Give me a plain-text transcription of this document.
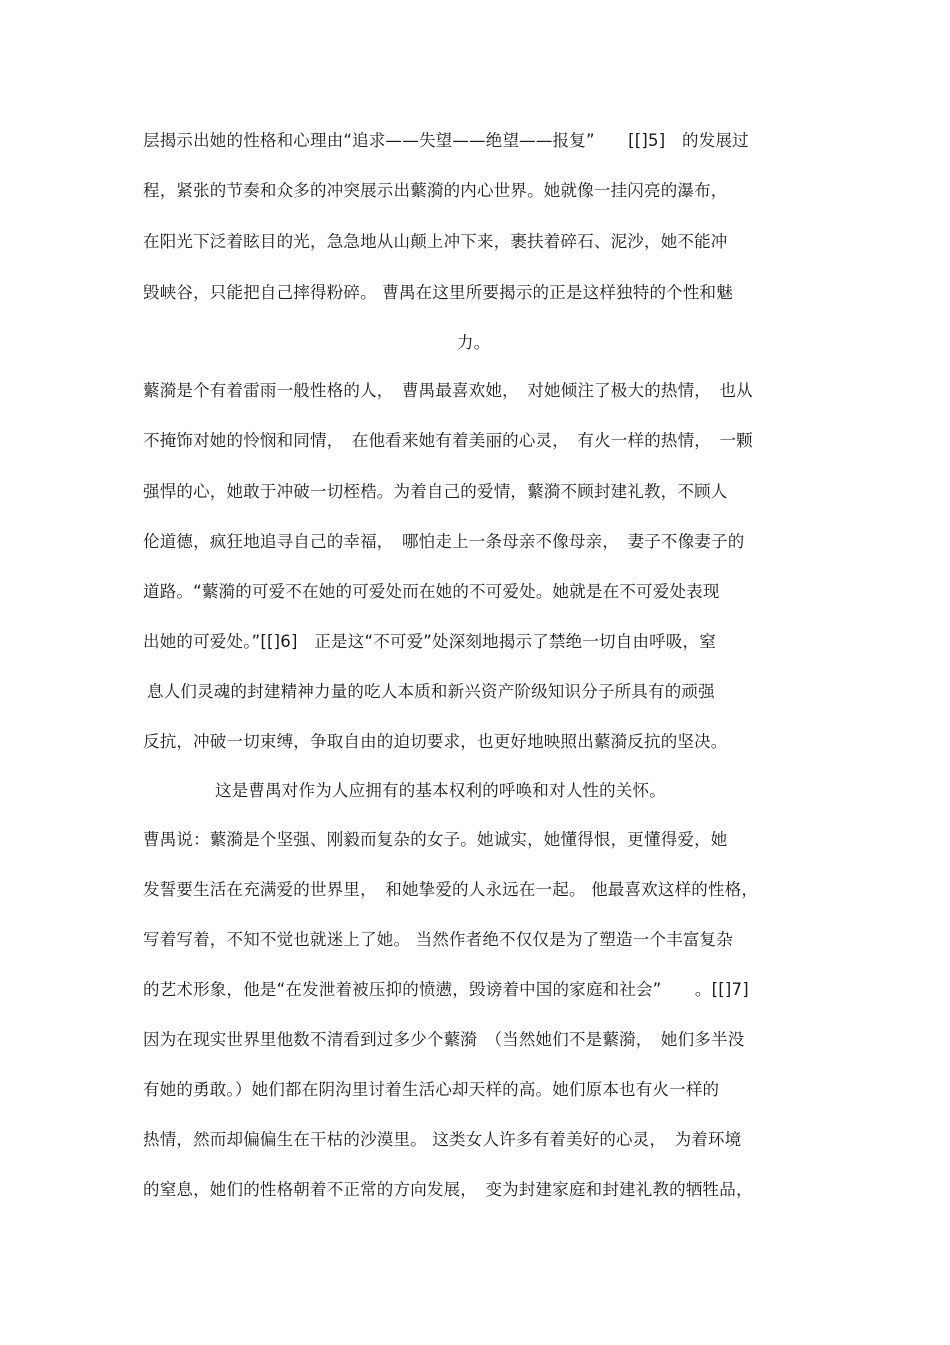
层揭示出她的性格和心理由“追求——失望——绝望——报复”　　[[]5]　的发展过
程，紧张的节奏和众多的冲突展示出蘩漪的内心世界。她就像一挂闪亮的瀑布，
在阳光下泛着眩目的光，急急地从山颠上冲下来，裹扶着碎石、泥沙，她不能冲
毁峡谷，只能把自己摔得粉碎。 曹禺在这里所要揭示的正是这样独特的个性和魅
力。
蘩漪是个有着雷雨一般性格的人，　曹禺最喜欢她，　对她倾注了极大的热情，　也从
不掩饰对她的怜悯和同情，　在他看来她有着美丽的心灵，　有火一样的热情，　一颗
强悍的心，她敢于冲破一切桎梏。为着自己的爱情，蘩漪不顾封建礼教，不顾人
伦道德，疯狂地追寻自己的幸福，　哪怕走上一条母亲不像母亲，　妻子不像妻子的
道路。“蘩漪的可爱不在她的可爱处而在她的不可爱处。她就是在不可爱处表现
出她的可爱处。”[[]6]　正是这“不可爱”处深刻地揭示了禁绝一切自由呼吸，窒
息人们灵魂的封建精神力量的吃人本质和新兴资产阶级知识分子所具有的顽强
反抗，冲破一切束缚，争取自由的迫切要求，也更好地映照出蘩漪反抗的坚决。
这是曹禺对作为人应拥有的基本权利的呼唤和对人性的关怀。
曹禺说：蘩漪是个坚强、刚毅而复杂的女子。她诚实，她懂得恨，更懂得爱，她
发誓要生活在充满爱的世界里，　和她挚爱的人永远在一起。 他最喜欢这样的性格，
写着写着，不知不觉也就迷上了她。 当然作者绝不仅仅是为了塑造一个丰富复杂
的艺术形象，他是“在发泄着被压抑的愤懑，毁谤着中国的家庭和社会”　　。[[]7]
因为在现实世界里他数不清看到过多少个蘩漪　（当然她们不是蘩漪，　她们多半没
有她的勇敢。）她们都在阴沟里讨着生活心却天样的高。她们原本也有火一样的
热情，然而却偏偏生在干枯的沙漠里。 这类女人许多有着美好的心灵，　为着环境
的窒息，她们的性格朝着不正常的方向发展，　变为封建家庭和封建礼教的牺牲品，
